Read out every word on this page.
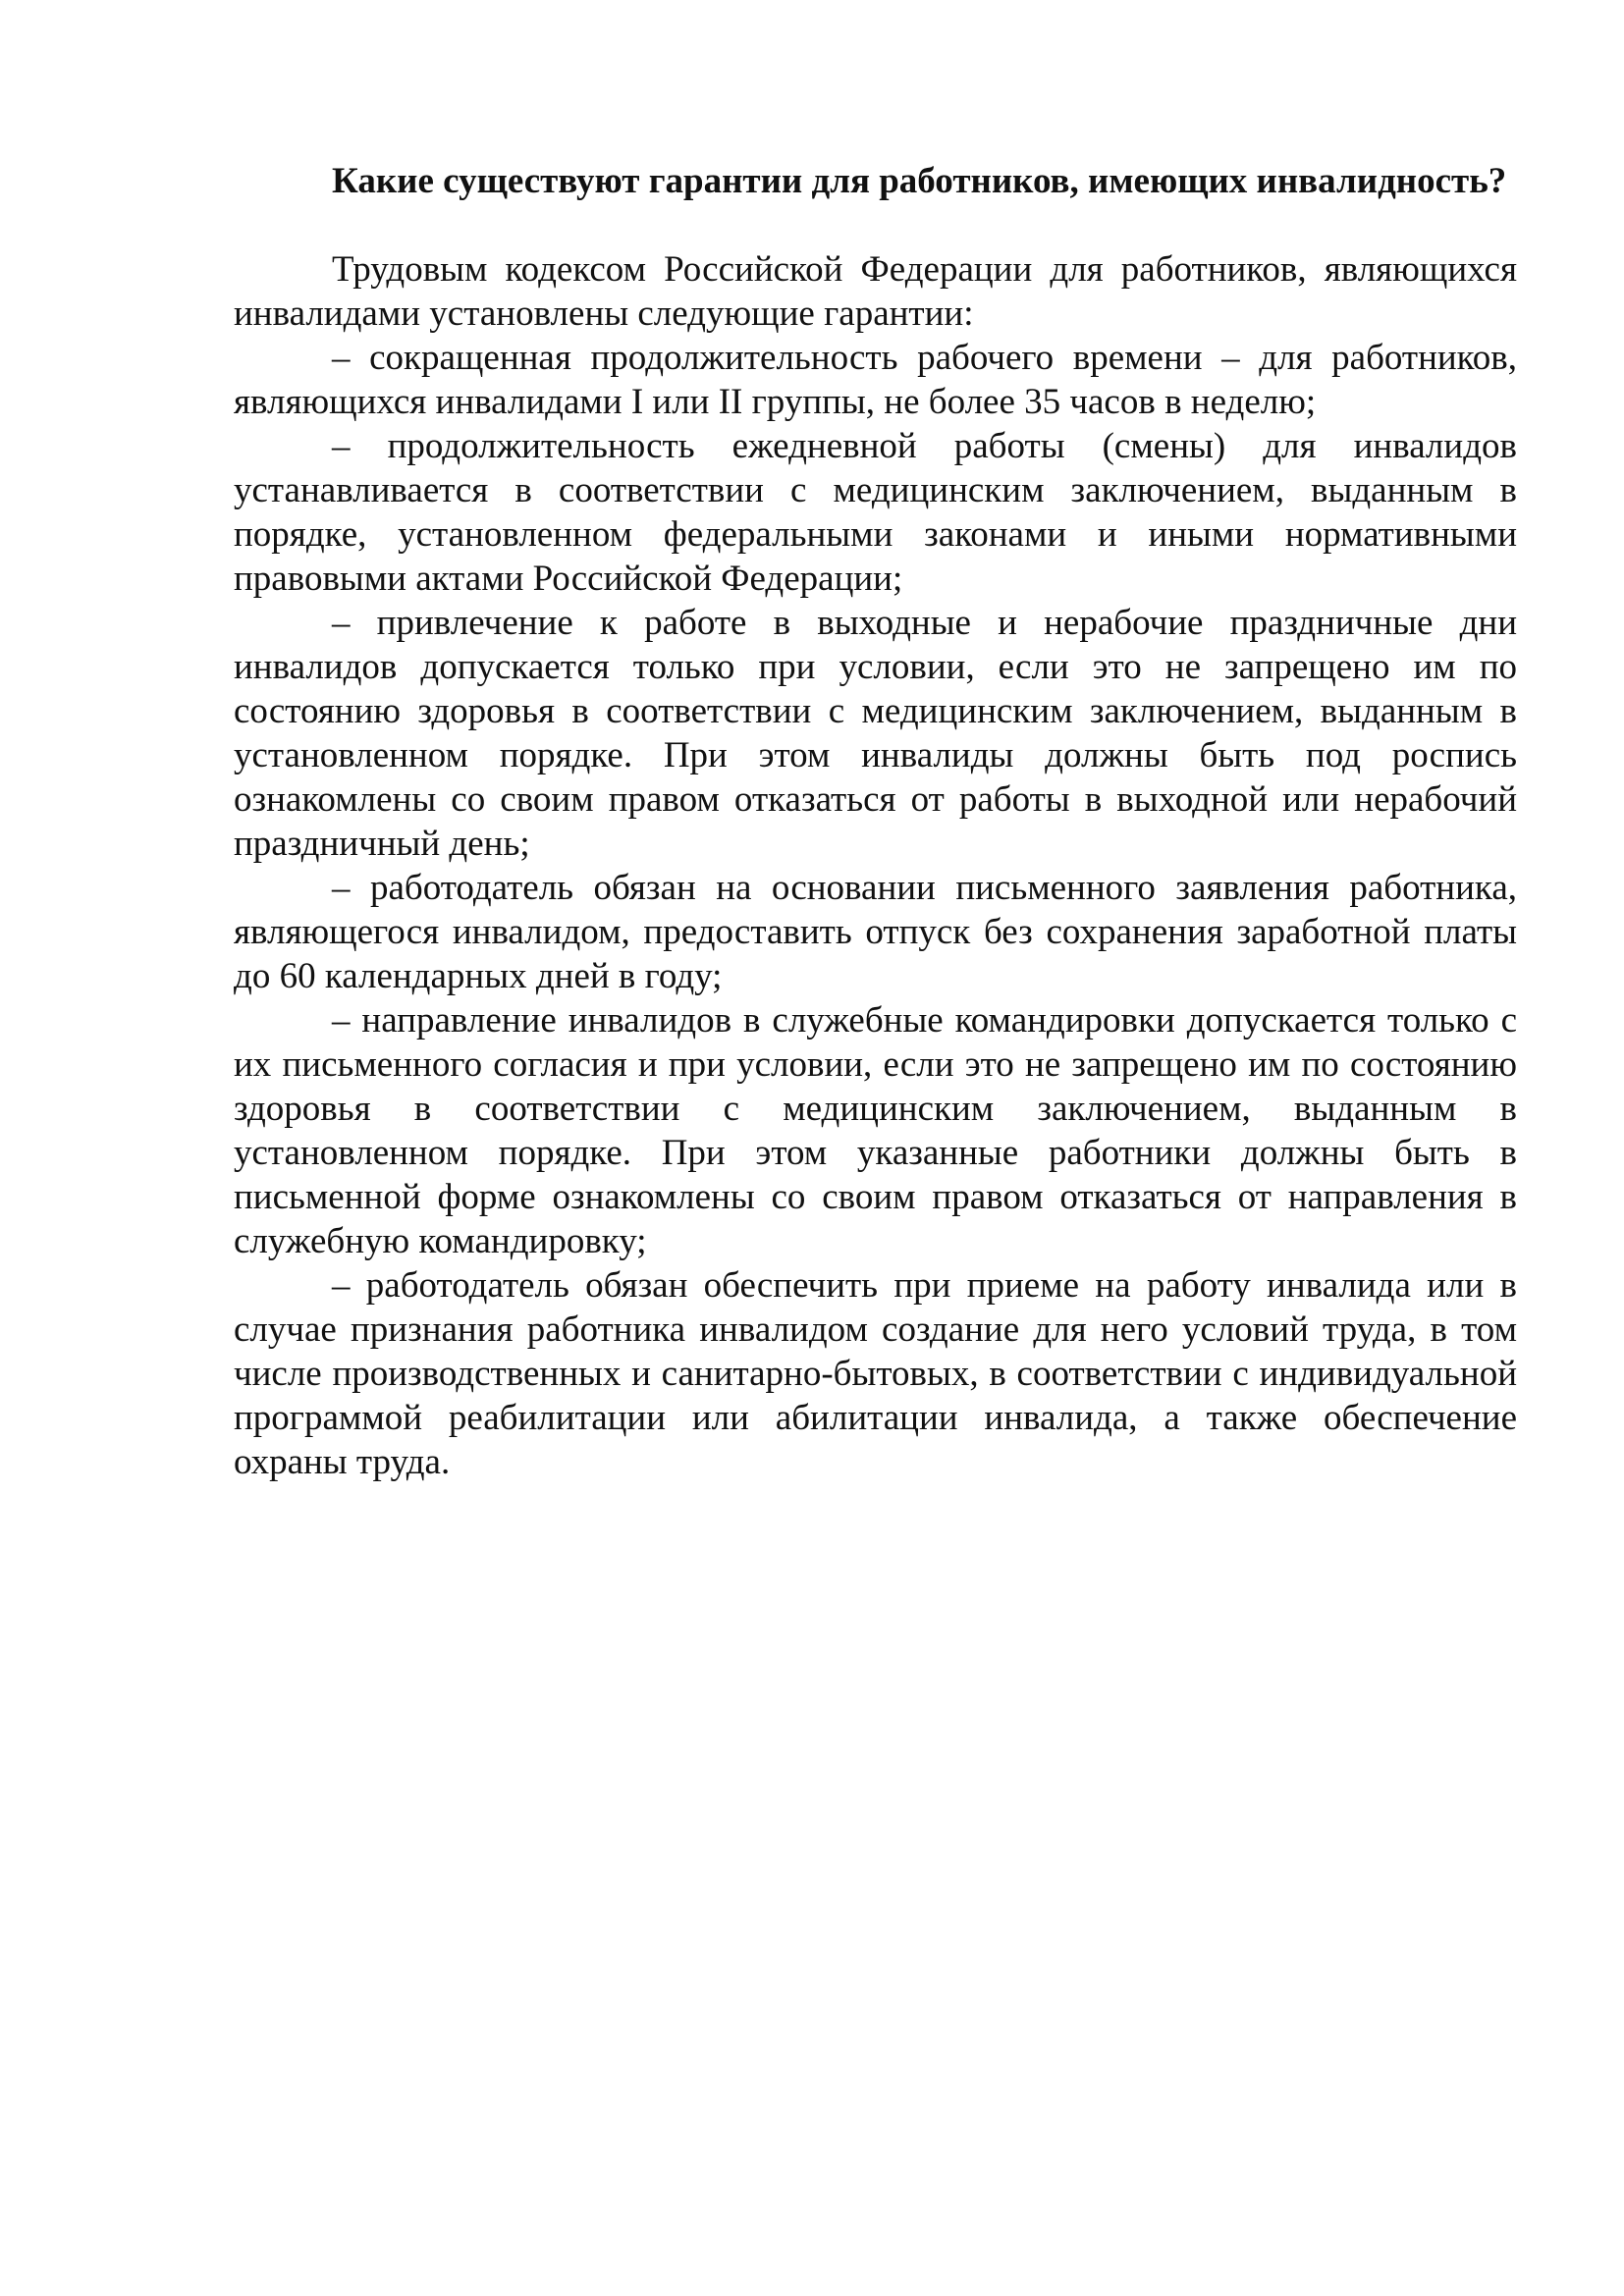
Какие существуют гарантии для работников, имеющих инвалидность?

Трудовым кодексом Российской Федерации для работников, являющихся инвалидами установлены следующие гарантии:

– сокращенная продолжительность рабочего времени – для работников, являющихся инвалидами I или II группы, не более 35 часов в неделю;

– продолжительность ежедневной работы (смены) для инвалидов устанавливается в соответствии с медицинским заключением, выданным в порядке, установленном федеральными законами и иными нормативными правовыми актами Российской Федерации;

– привлечение к работе в выходные и нерабочие праздничные дни инвалидов допускается только при условии, если это не запрещено им по состоянию здоровья в соответствии с медицинским заключением, выданным в установленном порядке. При этом инвалиды должны быть под роспись ознакомлены со своим правом отказаться от работы в выходной или нерабочий праздничный день;

– работодатель обязан на основании письменного заявления работника, являющегося инвалидом, предоставить отпуск без сохранения заработной платы до 60 календарных дней в году;

– направление инвалидов в служебные командировки допускается только с их письменного согласия и при условии, если это не запрещено им по состоянию здоровья в соответствии с медицинским заключением, выданным в установленном порядке. При этом указанные работники должны быть в письменной форме ознакомлены со своим правом отказаться от направления в служебную командировку;

– работодатель обязан обеспечить при приеме на работу инвалида или в случае признания работника инвалидом создание для него условий труда, в том числе производственных и санитарно-бытовых, в соответствии с индивидуальной программой реабилитации или абилитации инвалида, а также обеспечение охраны труда.
